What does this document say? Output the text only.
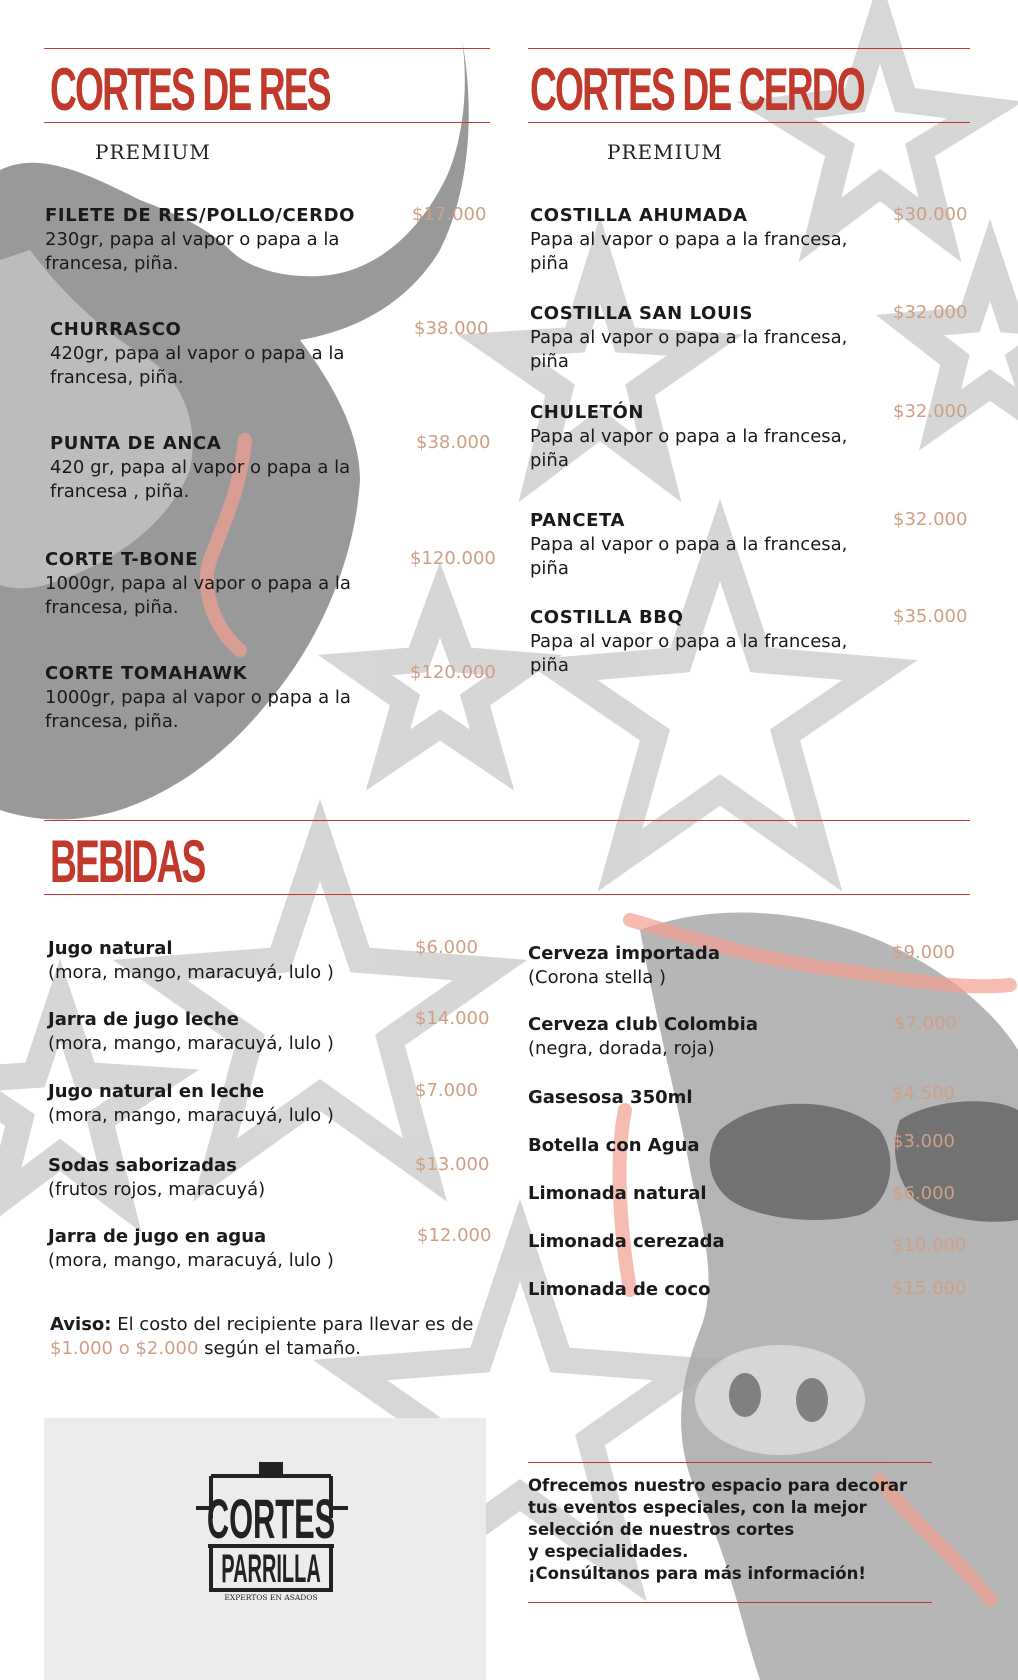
CORTES DE RES
PREMIUM
FILETE DE RES/POLLO/CERDO
230gr, papa al vapor o papa a la francesa, piña.
$17.000
CHURRASCO
420gr, papa al vapor o papa a la francesa, piña.
$38.000
PUNTA DE ANCA
420 gr, papa al vapor o papa a la francesa , piña.
$38.000
CORTE T-BONE
1000gr, papa al vapor o papa a la francesa, piña.
$120.000
CORTE TOMAHAWK
1000gr, papa al vapor o papa a la francesa, piña.
$120.000
CORTES DE CERDO
PREMIUM
COSTILLA AHUMADA
Papa al vapor o papa a la francesa, piña
$30.000
COSTILLA SAN LOUIS
Papa al vapor o papa a la francesa, piña
$32.000
CHULETÓN
Papa al vapor o papa a la francesa, piña
$32.000
PANCETA
Papa al vapor o papa a la francesa, piña
$32.000
COSTILLA BBQ
Papa al vapor o papa a la francesa, piña
$35.000
BEBIDAS
Jugo natural
(mora, mango, maracuyá, lulo )
$6.000
Jarra de jugo leche
(mora, mango, maracuyá, lulo )
$14.000
Jugo natural en leche
(mora, mango, maracuyá, lulo )
$7.000
Sodas saborizadas
(frutos rojos, maracuyá)
$13.000
Jarra de jugo en agua
(mora, mango, maracuyá, lulo )
$12.000
Cerveza importada
(Corona stella )
$9.000
Cerveza club Colombia
(negra, dorada, roja)
$7.000
Gasesosa 350ml	$4.500
Botella con Agua	$3.000
Limonada natural	$6.000
Limonada cerezada	$10.000
Limonada de coco	$15.000
Aviso: El costo del recipiente para llevar es de $1.000 o $2.000 según el tamaño.
CORTES
PARRILLA
EXPERTOS EN ASADOS
Ofrecemos nuestro espacio para decorar
tus eventos especiales, con la mejor
selección de nuestros cortes
y especialidades.
¡Consúltanos para más información!
